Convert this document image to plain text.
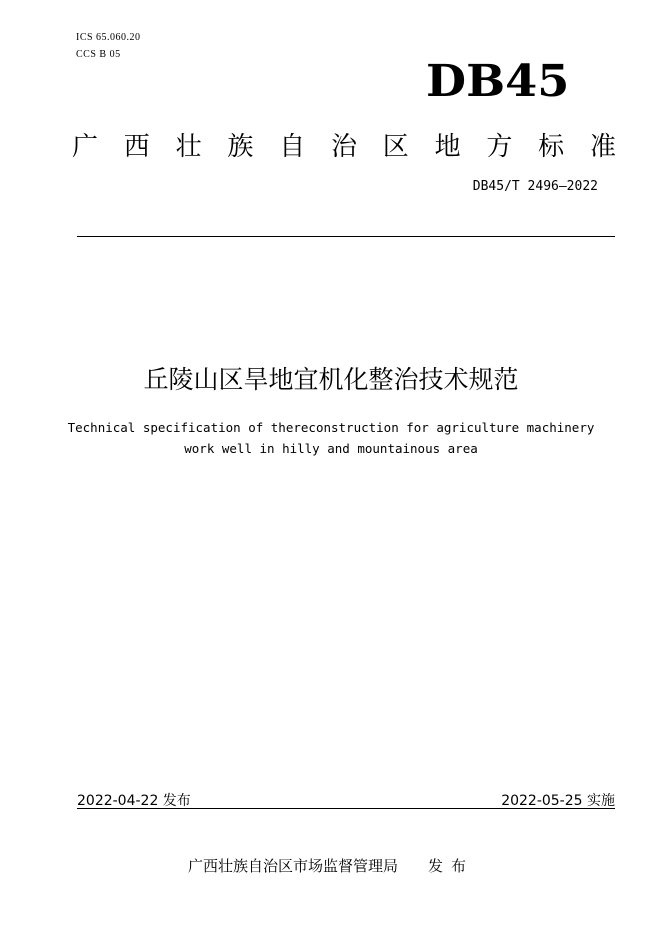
ICS 65.060.20
CCS B 05
DB45
广 西 壮 族 自 治 区 地 方 标 准
DB45/T 2496—2022
丘陵山区旱地宜机化整治技术规范
Technical specification of thereconstruction for agriculture machinery
work well in hilly and mountainous area
2022-04-22 发布	2022-05-25 实施
广西壮族自治区市场监督管理局 发布
